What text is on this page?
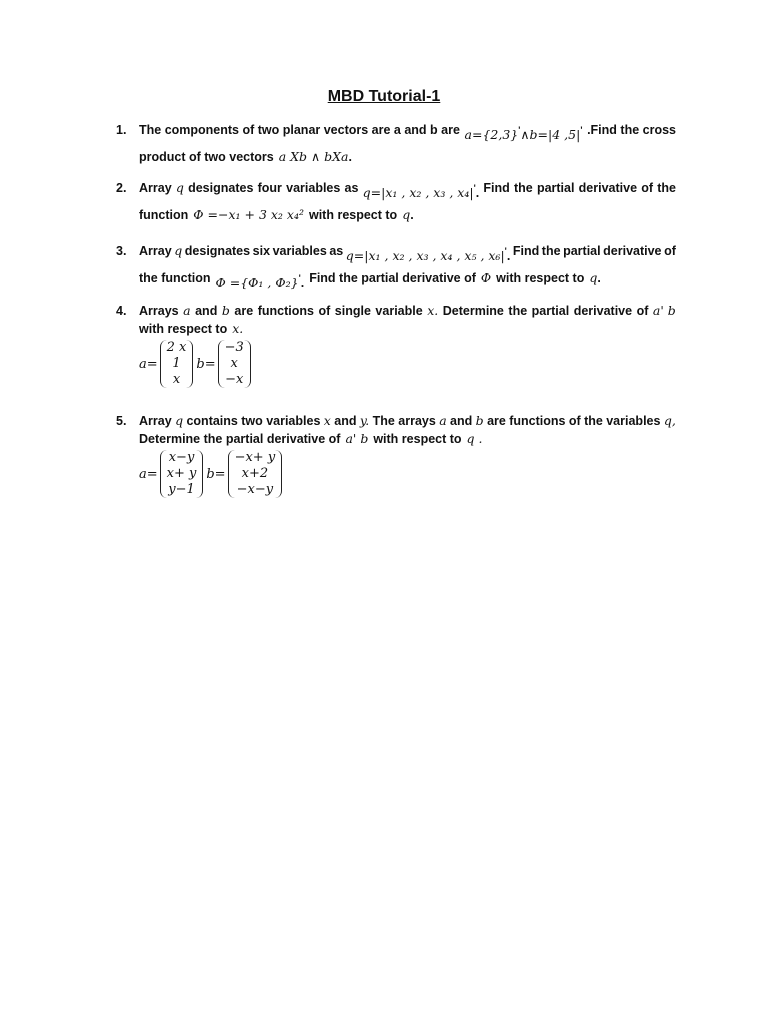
MBD Tutorial-1
1.	The components of two planar vectors are a and b are a={2,3}'∧b=|4 ,5|' .Find the cross
product of two vectors a Xb ∧ bXa.
2.	Array q designates four variables as q=|x₁ , x₂ , x₃ , x₄|'. Find the partial derivative of the
function Φ =−x₁ + 3 x₂ x₄² with respect to q.
3.	Array q designates six variables as q=|x₁ , x₂ , x₃ , x₄ , x₅ , x₆|'. Find the partial derivative of
the function Φ ={Φ₁ , Φ₂}'. Find the partial derivative of Φ with respect to q.
4.	Arrays a and b are functions of single variable x. Determine the partial derivative of a' b
with respect to x.
a=
2 x
1
x
b=
−3
x
−x
5.	Array q contains two variables x and y. The arrays a and b are functions of the variables q,
Determine the partial derivative of a' b with respect to q .
a=
x−y
x+ y
y−1
b=
−x+ y
x+2
−x−y
